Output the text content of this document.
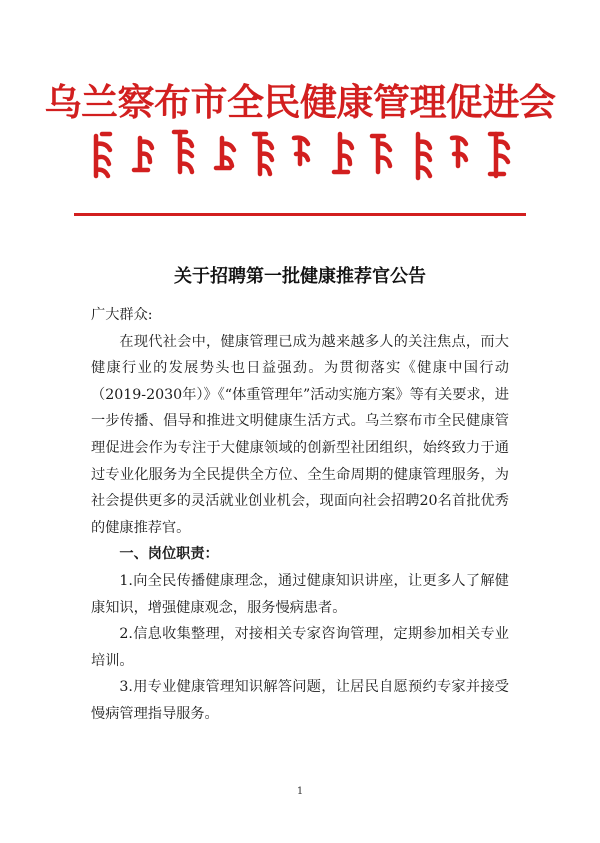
乌兰察布市全民健康管理促进会
关于招聘第一批健康推荐官公告

广大群众:

在现代社会中，健康管理已成为越来越多人的关注焦点，而大健康行业的发展势头也日益强劲。为贯彻落实《健康中国行动（2019-2030年）》《“体重管理年”活动实施方案》等有关要求，进一步传播、倡导和推进文明健康生活方式。乌兰察布市全民健康管理促进会作为专注于大健康领域的创新型社团组织，始终致力于通过专业化服务为全民提供全方位、全生命周期的健康管理服务，为社会提供更多的灵活就业创业机会，现面向社会招聘20名首批优秀的健康推荐官。

一、岗位职责：

1.向全民传播健康理念，通过健康知识讲座，让更多人了解健康知识，增强健康观念，服务慢病患者。

2.信息收集整理，对接相关专家咨询管理，定期参加相关专业培训。

3.用专业健康管理知识解答问题，让居民自愿预约专家并接受慢病管理指导服务。

1
